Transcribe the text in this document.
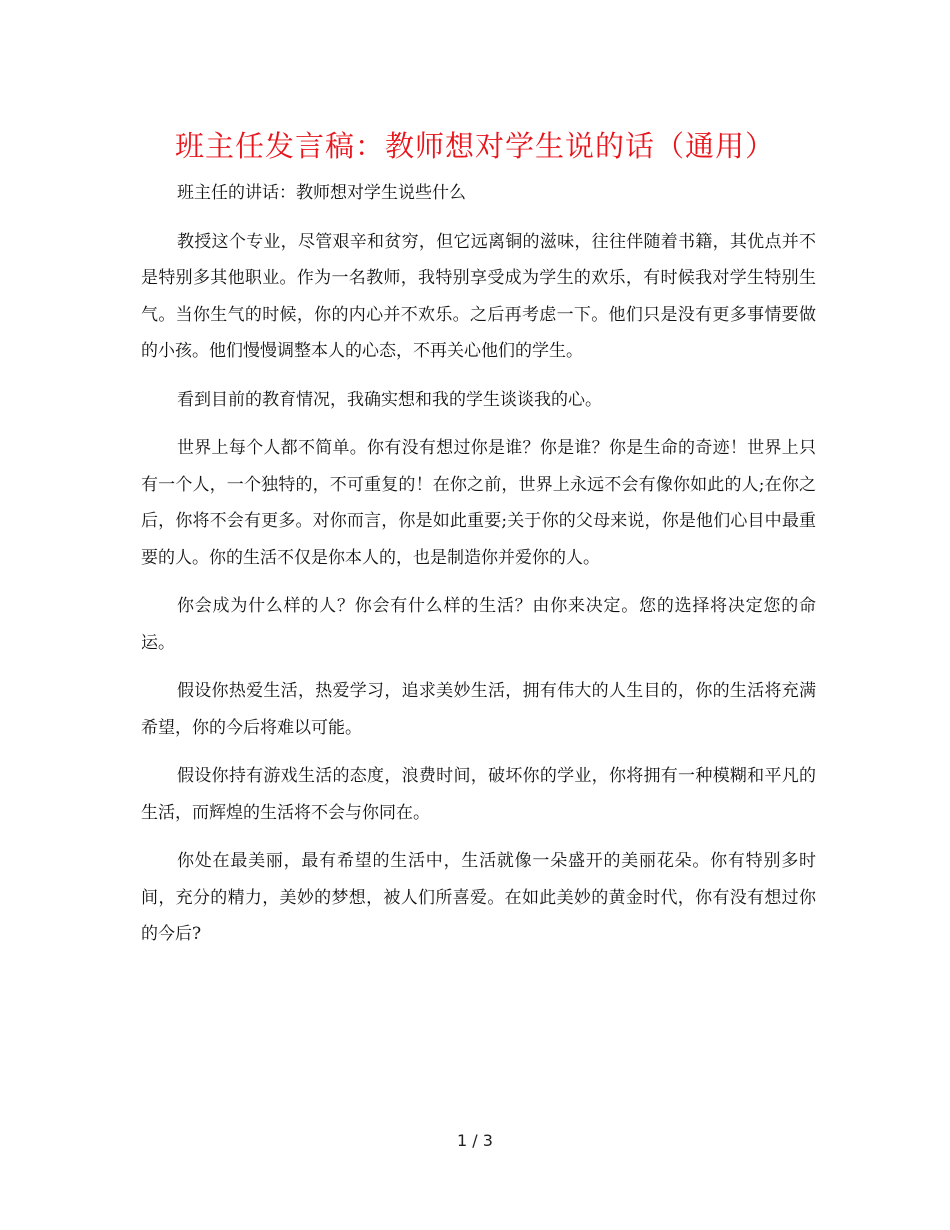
班主任发言稿：教师想对学生说的话（通用）

班主任的讲话：教师想对学生说些什么

教授这个专业，尽管艰辛和贫穷，但它远离铜的滋味，往往伴随着书籍，其优点并不是特别多其他职业。作为一名教师，我特别享受成为学生的欢乐，有时候我对学生特别生气。当你生气的时候，你的内心并不欢乐。之后再考虑一下。他们只是没有更多事情要做的小孩。他们慢慢调整本人的心态，不再关心他们的学生。

看到目前的教育情况，我确实想和我的学生谈谈我的心。

世界上每个人都不简单。你有没有想过你是谁？你是谁？你是生命的奇迹！世界上只有一个人，一个独特的，不可重复的！在你之前，世界上永远不会有像你如此的人;在你之后，你将不会有更多。对你而言，你是如此重要;关于你的父母来说，你是他们心目中最重要的人。你的生活不仅是你本人的，也是制造你并爱你的人。

你会成为什么样的人？你会有什么样的生活？由你来决定。您的选择将决定您的命运。

假设你热爱生活，热爱学习，追求美妙生活，拥有伟大的人生目的，你的生活将充满希望，你的今后将难以可能。

假设你持有游戏生活的态度，浪费时间，破坏你的学业，你将拥有一种模糊和平凡的生活，而辉煌的生活将不会与你同在。

你处在最美丽，最有希望的生活中，生活就像一朵盛开的美丽花朵。你有特别多时间，充分的精力，美妙的梦想，被人们所喜爱。在如此美妙的黄金时代，你有没有想过你的今后?

1 / 3
